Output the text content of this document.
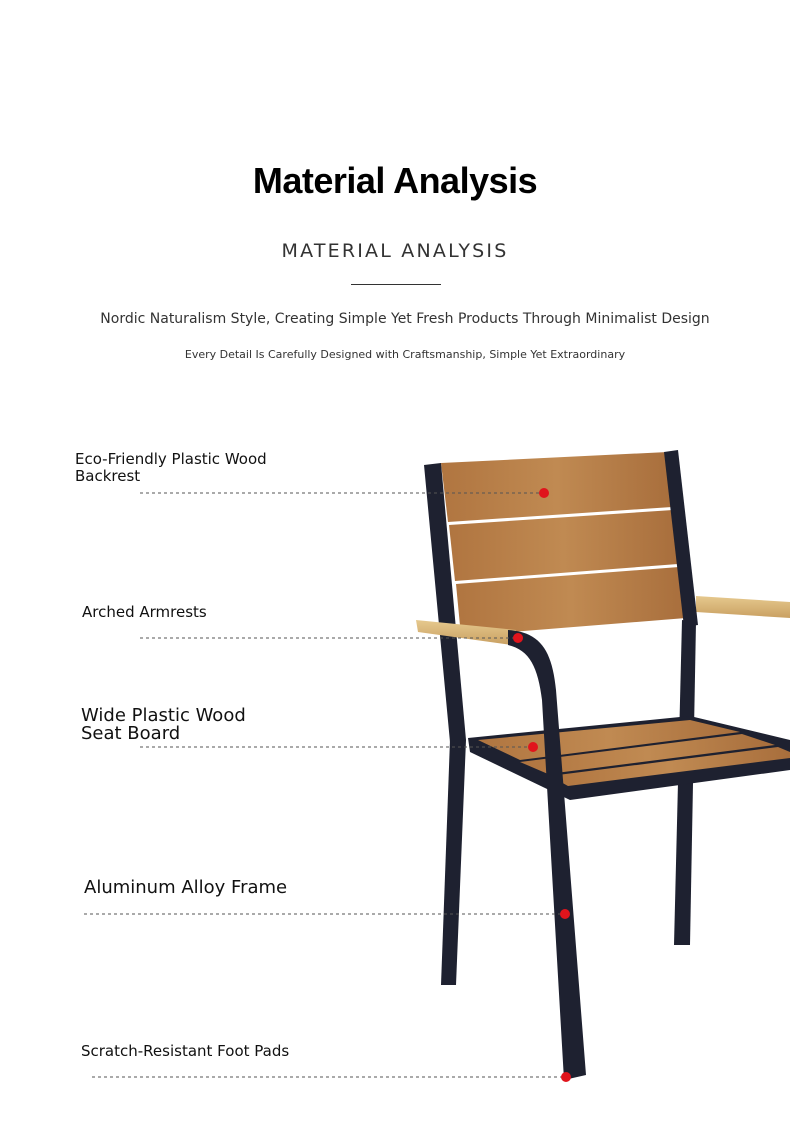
Material Analysis
MATERIAL ANALYSIS
Nordic Naturalism Style, Creating Simple Yet Fresh Products Through Minimalist Design
Every Detail Is Carefully Designed with Craftsmanship, Simple Yet Extraordinary
Eco-Friendly Plastic Wood
Backrest
Arched Armrests
Wide Plastic Wood
Seat Board
Aluminum Alloy Frame
Scratch-Resistant Foot Pads
